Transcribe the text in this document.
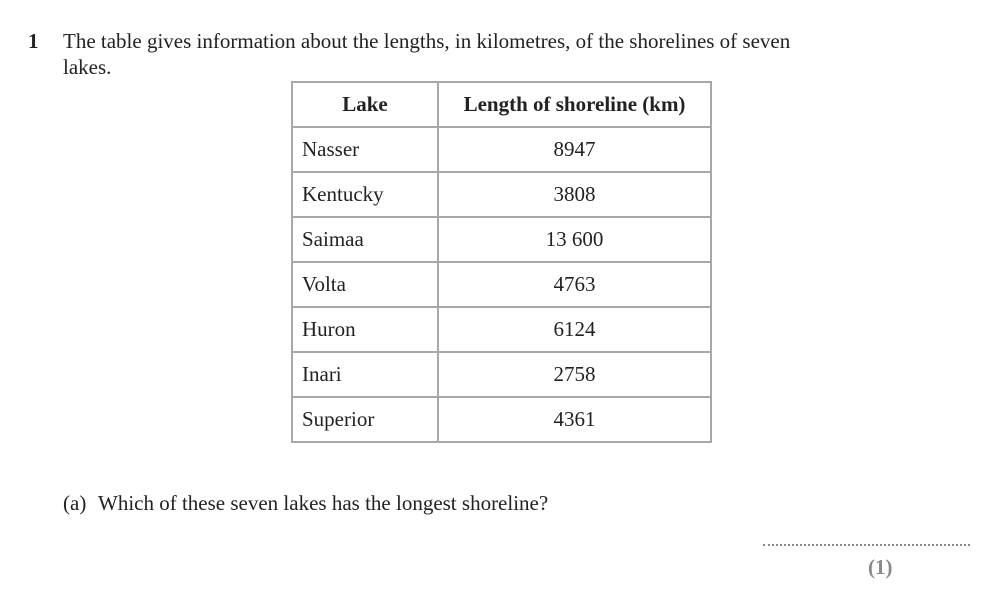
1 The table gives information about the lengths, in kilometres, of the shorelines of seven lakes.
Lake	Length of shoreline (km)
Nasser	8947
Kentucky	3808
Saimaa	13 600
Volta	4763
Huron	6124
Inari	2758
Superior	4361
(a) Which of these seven lakes has the longest shoreline?
(1)
